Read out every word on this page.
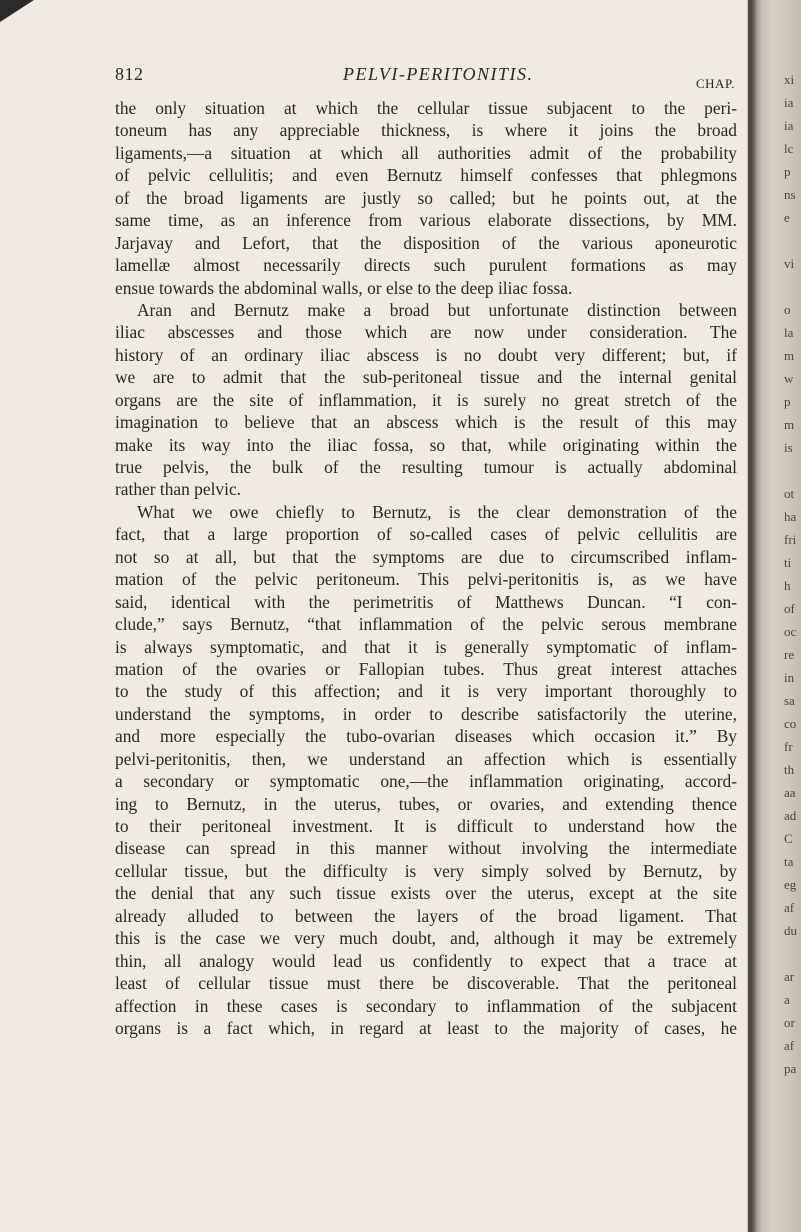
812	PELVI-PERITONITIS.	CHAP.
the only situation at which the cellular tissue subjacent to the peri-
toneum has any appreciable thickness, is where it joins the broad
ligaments,—a situation at which all authorities admit of the probability
of pelvic cellulitis; and even Bernutz himself confesses that phlegmons
of the broad ligaments are justly so called; but he points out, at the
same time, as an inference from various elaborate dissections, by MM.
Jarjavay and Lefort, that the disposition of the various aponeurotic
lamellæ almost necessarily directs such purulent formations as may
ensue towards the abdominal walls, or else to the deep iliac fossa.
Aran and Bernutz make a broad but unfortunate distinction between
iliac abscesses and those which are now under consideration. The
history of an ordinary iliac abscess is no doubt very different; but, if
we are to admit that the sub-peritoneal tissue and the internal genital
organs are the site of inflammation, it is surely no great stretch of the
imagination to believe that an abscess which is the result of this may
make its way into the iliac fossa, so that, while originating within the
true pelvis, the bulk of the resulting tumour is actually abdominal
rather than pelvic.
What we owe chiefly to Bernutz, is the clear demonstration of the
fact, that a large proportion of so-called cases of pelvic cellulitis are
not so at all, but that the symptoms are due to circumscribed inflam-
mation of the pelvic peritoneum. This pelvi-peritonitis is, as we have
said, identical with the perimetritis of Matthews Duncan. “I con-
clude,” says Bernutz, “that inflammation of the pelvic serous membrane
is always symptomatic, and that it is generally symptomatic of inflam-
mation of the ovaries or Fallopian tubes. Thus great interest attaches
to the study of this affection; and it is very important thoroughly to
understand the symptoms, in order to describe satisfactorily the uterine,
and more especially the tubo-ovarian diseases which occasion it.” By
pelvi-peritonitis, then, we understand an affection which is essentially
a secondary or symptomatic one,—the inflammation originating, accord-
ing to Bernutz, in the uterus, tubes, or ovaries, and extending thence
to their peritoneal investment. It is difficult to understand how the
disease can spread in this manner without involving the intermediate
cellular tissue, but the difficulty is very simply solved by Bernutz, by
the denial that any such tissue exists over the uterus, except at the site
already alluded to between the layers of the broad ligament. That
this is the case we very much doubt, and, although it may be extremely
thin, all analogy would lead us confidently to expect that a trace at
least of cellular tissue must there be discoverable. That the peritoneal
affection in these cases is secondary to inflammation of the subjacent
organs is a fact which, in regard at least to the majority of cases, he
xi
ia
ia
lc
p
ns
e
vi
o
la
m
w
p
m
is
ot
ha
fri
ti
h
of
oc
re
in
sa
co
fr
th
aa
ad
C
ta
eg
af
du
ar
a
or
af
pa
